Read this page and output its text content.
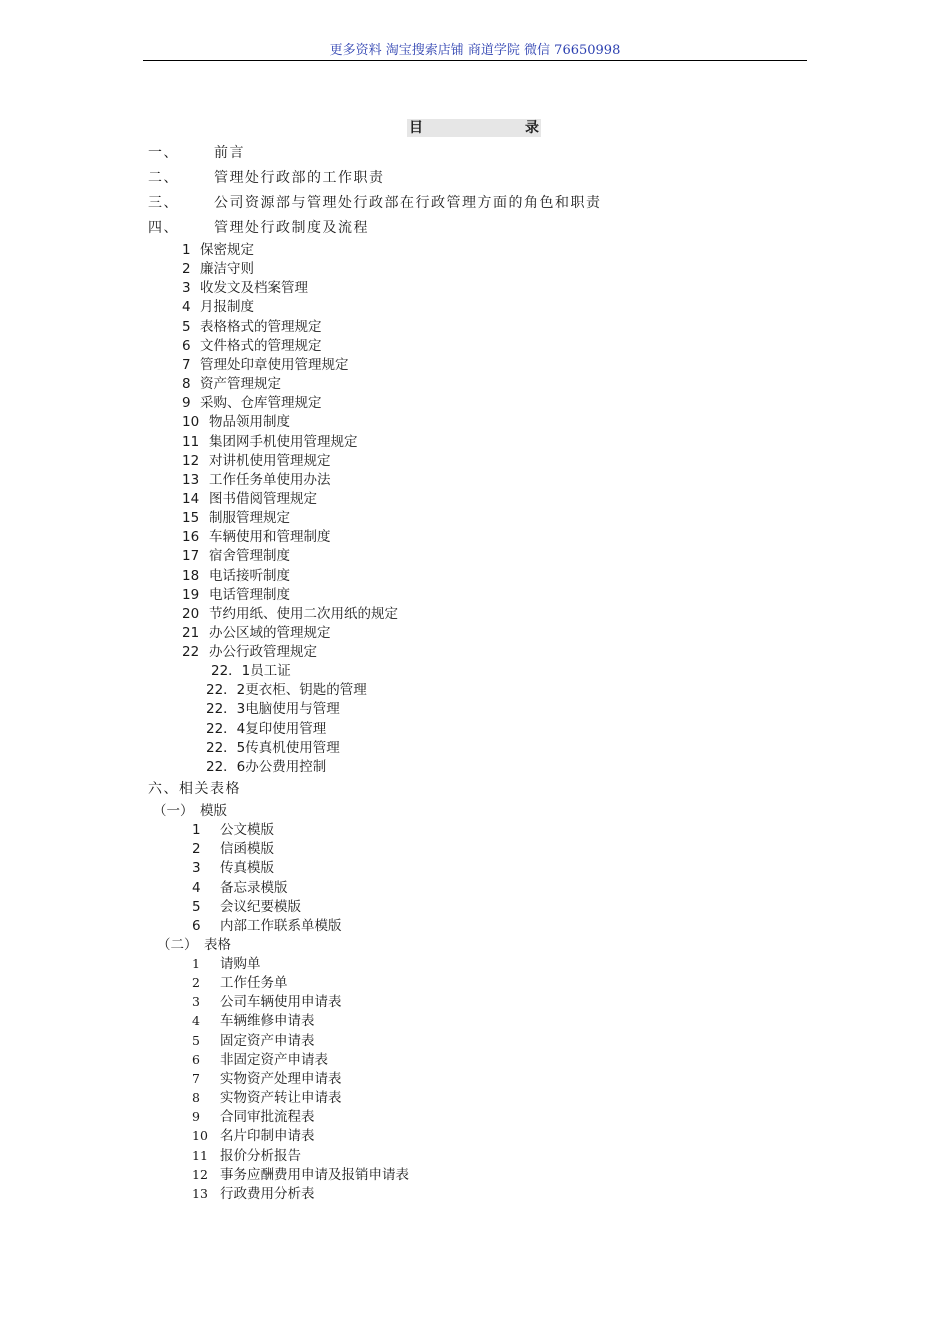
更多资料 淘宝搜索店铺 商道学院 微信 76650998
目	录
一、	前言
二、	管理处行政部的工作职责
三、	公司资源部与管理处行政部在行政管理方面的角色和职责
四、	管理处行政制度及流程
1 保密规定
2 廉洁守则
3 收发文及档案管理
4 月报制度
5 表格格式的管理规定
6 文件格式的管理规定
7 管理处印章使用管理规定
8 资产管理规定
9 采购、仓库管理规定
10 物品领用制度
11 集团网手机使用管理规定
12 对讲机使用管理规定
13 工作任务单使用办法
14 图书借阅管理规定
15 制服管理规定
16 车辆使用和管理制度
17 宿舍管理制度
18 电话接听制度
19 电话管理制度
20 节约用纸、使用二次用纸的规定
21 办公区域的管理规定
22 办公行政管理规定
22．1员工证
22．2更衣柜、钥匙的管理
22．3电脑使用与管理
22．4复印使用管理
22．5传真机使用管理
22．6办公费用控制
六、相关表格
（一） 模版
1 公文模版
2 信函模版
3 传真模版
4 备忘录模版
5 会议纪要模版
6 内部工作联系单模版
（二） 表格
1 请购单
2 工作任务单
3 公司车辆使用申请表
4 车辆维修申请表
5 固定资产申请表
6 非固定资产申请表
7 实物资产处理申请表
8 实物资产转让申请表
9 合同审批流程表
10 名片印制申请表
11 报价分析报告
12 事务应酬费用申请及报销申请表
13 行政费用分析表
